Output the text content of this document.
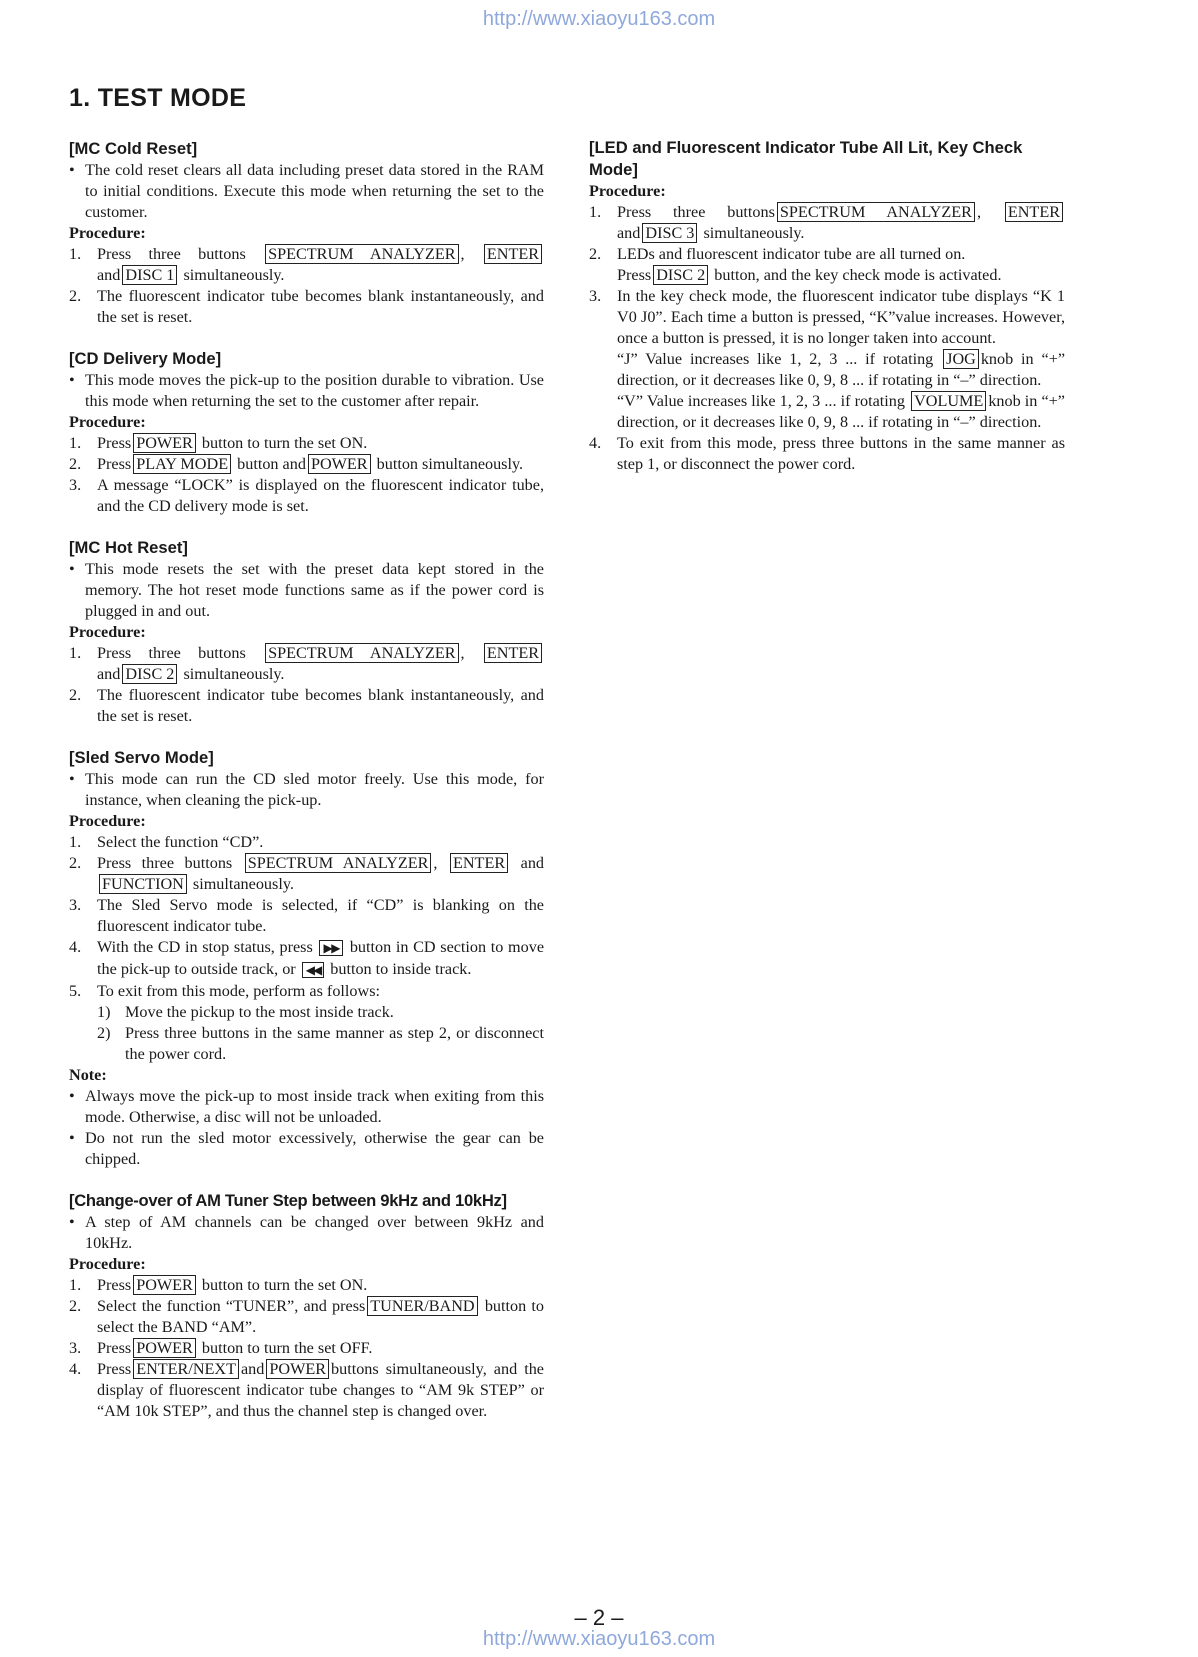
http://www.xiaoyu163.com
1. TEST MODE

[MC Cold Reset]

• The cold reset clears all data including preset data stored in the RAM to initial conditions. Execute this mode when returning the set to the customer.

Procedure:

1. Press three buttons SPECTRUM ANALYZER , ENTER and DISC 1 simultaneously.
2. The fluorescent indicator tube becomes blank instantaneously, and the set is reset.

[CD Delivery Mode]

• This mode moves the pick-up to the position durable to vibration. Use this mode when returning the set to the customer after repair.

Procedure:

1. Press POWER button to turn the set ON.
2. Press PLAY MODE button and POWER button simultaneously.
3. A message “LOCK” is displayed on the fluorescent indicator tube, and the CD delivery mode is set.

[MC Hot Reset]

• This mode resets the set with the preset data kept stored in the memory. The hot reset mode functions same as if the power cord is plugged in and out.

Procedure:

1. Press three buttons SPECTRUM ANALYZER , ENTER and DISC 2 simultaneously.
2. The fluorescent indicator tube becomes blank instantaneously, and the set is reset.

[Sled Servo Mode]

• This mode can run the CD sled motor freely. Use this mode, for instance, when cleaning the pick-up.

Procedure:

1. Select the function “CD”.
2. Press three buttons SPECTRUM ANALYZER , ENTER and FUNCTION simultaneously.
3. The Sled Servo mode is selected, if “CD” is blanking on the fluorescent indicator tube.
4. With the CD in stop status, press ▶▶ button in CD section to move the pick-up to outside track, or ◀◀ button to inside track.
5. To exit from this mode, perform as follows:
1) Move the pickup to the most inside track.
2) Press three buttons in the same manner as step 2, or disconnect the power cord.

Note:

• Always move the pick-up to most inside track when exiting from this mode. Otherwise, a disc will not be unloaded.

• Do not run the sled motor excessively, otherwise the gear can be chipped.

[Change-over of AM Tuner Step between 9kHz and 10kHz]

• A step of AM channels can be changed over between 9kHz and 10kHz.

Procedure:

1. Press POWER button to turn the set ON.
2. Select the function “TUNER”, and press TUNER/BAND button to select the BAND “AM”.
3. Press POWER button to turn the set OFF.
4. Press ENTER/NEXT and POWER buttons simultaneously, and the display of fluorescent indicator tube changes to “AM 9k STEP” or “AM 10k STEP”, and thus the channel step is changed over.

[LED and Fluorescent Indicator Tube All Lit, Key Check Mode]

Procedure:

1. Press three buttons SPECTRUM ANALYZER , ENTER and DISC 3 simultaneously.
2. LEDs and fluorescent indicator tube are all turned on.
Press DISC 2 button, and the key check mode is activated.
3. In the key check mode, the fluorescent indicator tube displays “K 1 V0 J0”. Each time a button is pressed, “K”value increases. However, once a button is pressed, it is no longer taken into account.
“J” Value increases like 1, 2, 3 ... if rotating JOG knob in “+” direction, or it decreases like 0, 9, 8 ... if rotating in “–” direction.
“V” Value increases like 1, 2, 3 ... if rotating VOLUME knob in “+” direction, or it decreases like 0, 9, 8 ... if rotating in “–” direction.
4. To exit from this mode, press three buttons in the same manner as step 1, or disconnect the power cord.
– 2 –
http://www.xiaoyu163.com
